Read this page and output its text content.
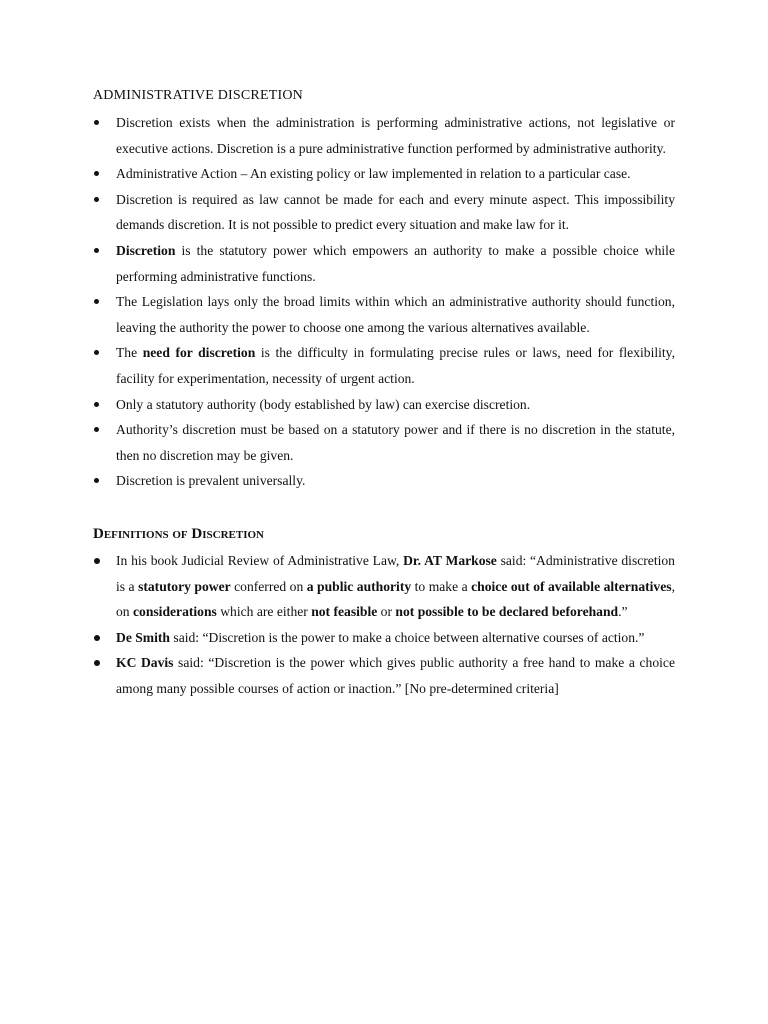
ADMINISTRATIVE DISCRETION
Discretion exists when the administration is performing administrative actions, not legislative or executive actions. Discretion is a pure administrative function performed by administrative authority.
Administrative Action – An existing policy or law implemented in relation to a particular case.
Discretion is required as law cannot be made for each and every minute aspect. This impossibility demands discretion. It is not possible to predict every situation and make law for it.
Discretion is the statutory power which empowers an authority to make a possible choice while performing administrative functions.
The Legislation lays only the broad limits within which an administrative authority should function, leaving the authority the power to choose one among the various alternatives available.
The need for discretion is the difficulty in formulating precise rules or laws, need for flexibility, facility for experimentation, necessity of urgent action.
Only a statutory authority (body established by law) can exercise discretion.
Authority’s discretion must be based on a statutory power and if there is no discretion in the statute, then no discretion may be given.
Discretion is prevalent universally.
Definitions of Discretion
In his book Judicial Review of Administrative Law, Dr. AT Markose said: “Administrative discretion is a statutory power conferred on a public authority to make a choice out of available alternatives, on considerations which are either not feasible or not possible to be declared beforehand.”
De Smith said: “Discretion is the power to make a choice between alternative courses of action.”
KC Davis said: “Discretion is the power which gives public authority a free hand to make a choice among many possible courses of action or inaction.” [No pre-determined criteria]
